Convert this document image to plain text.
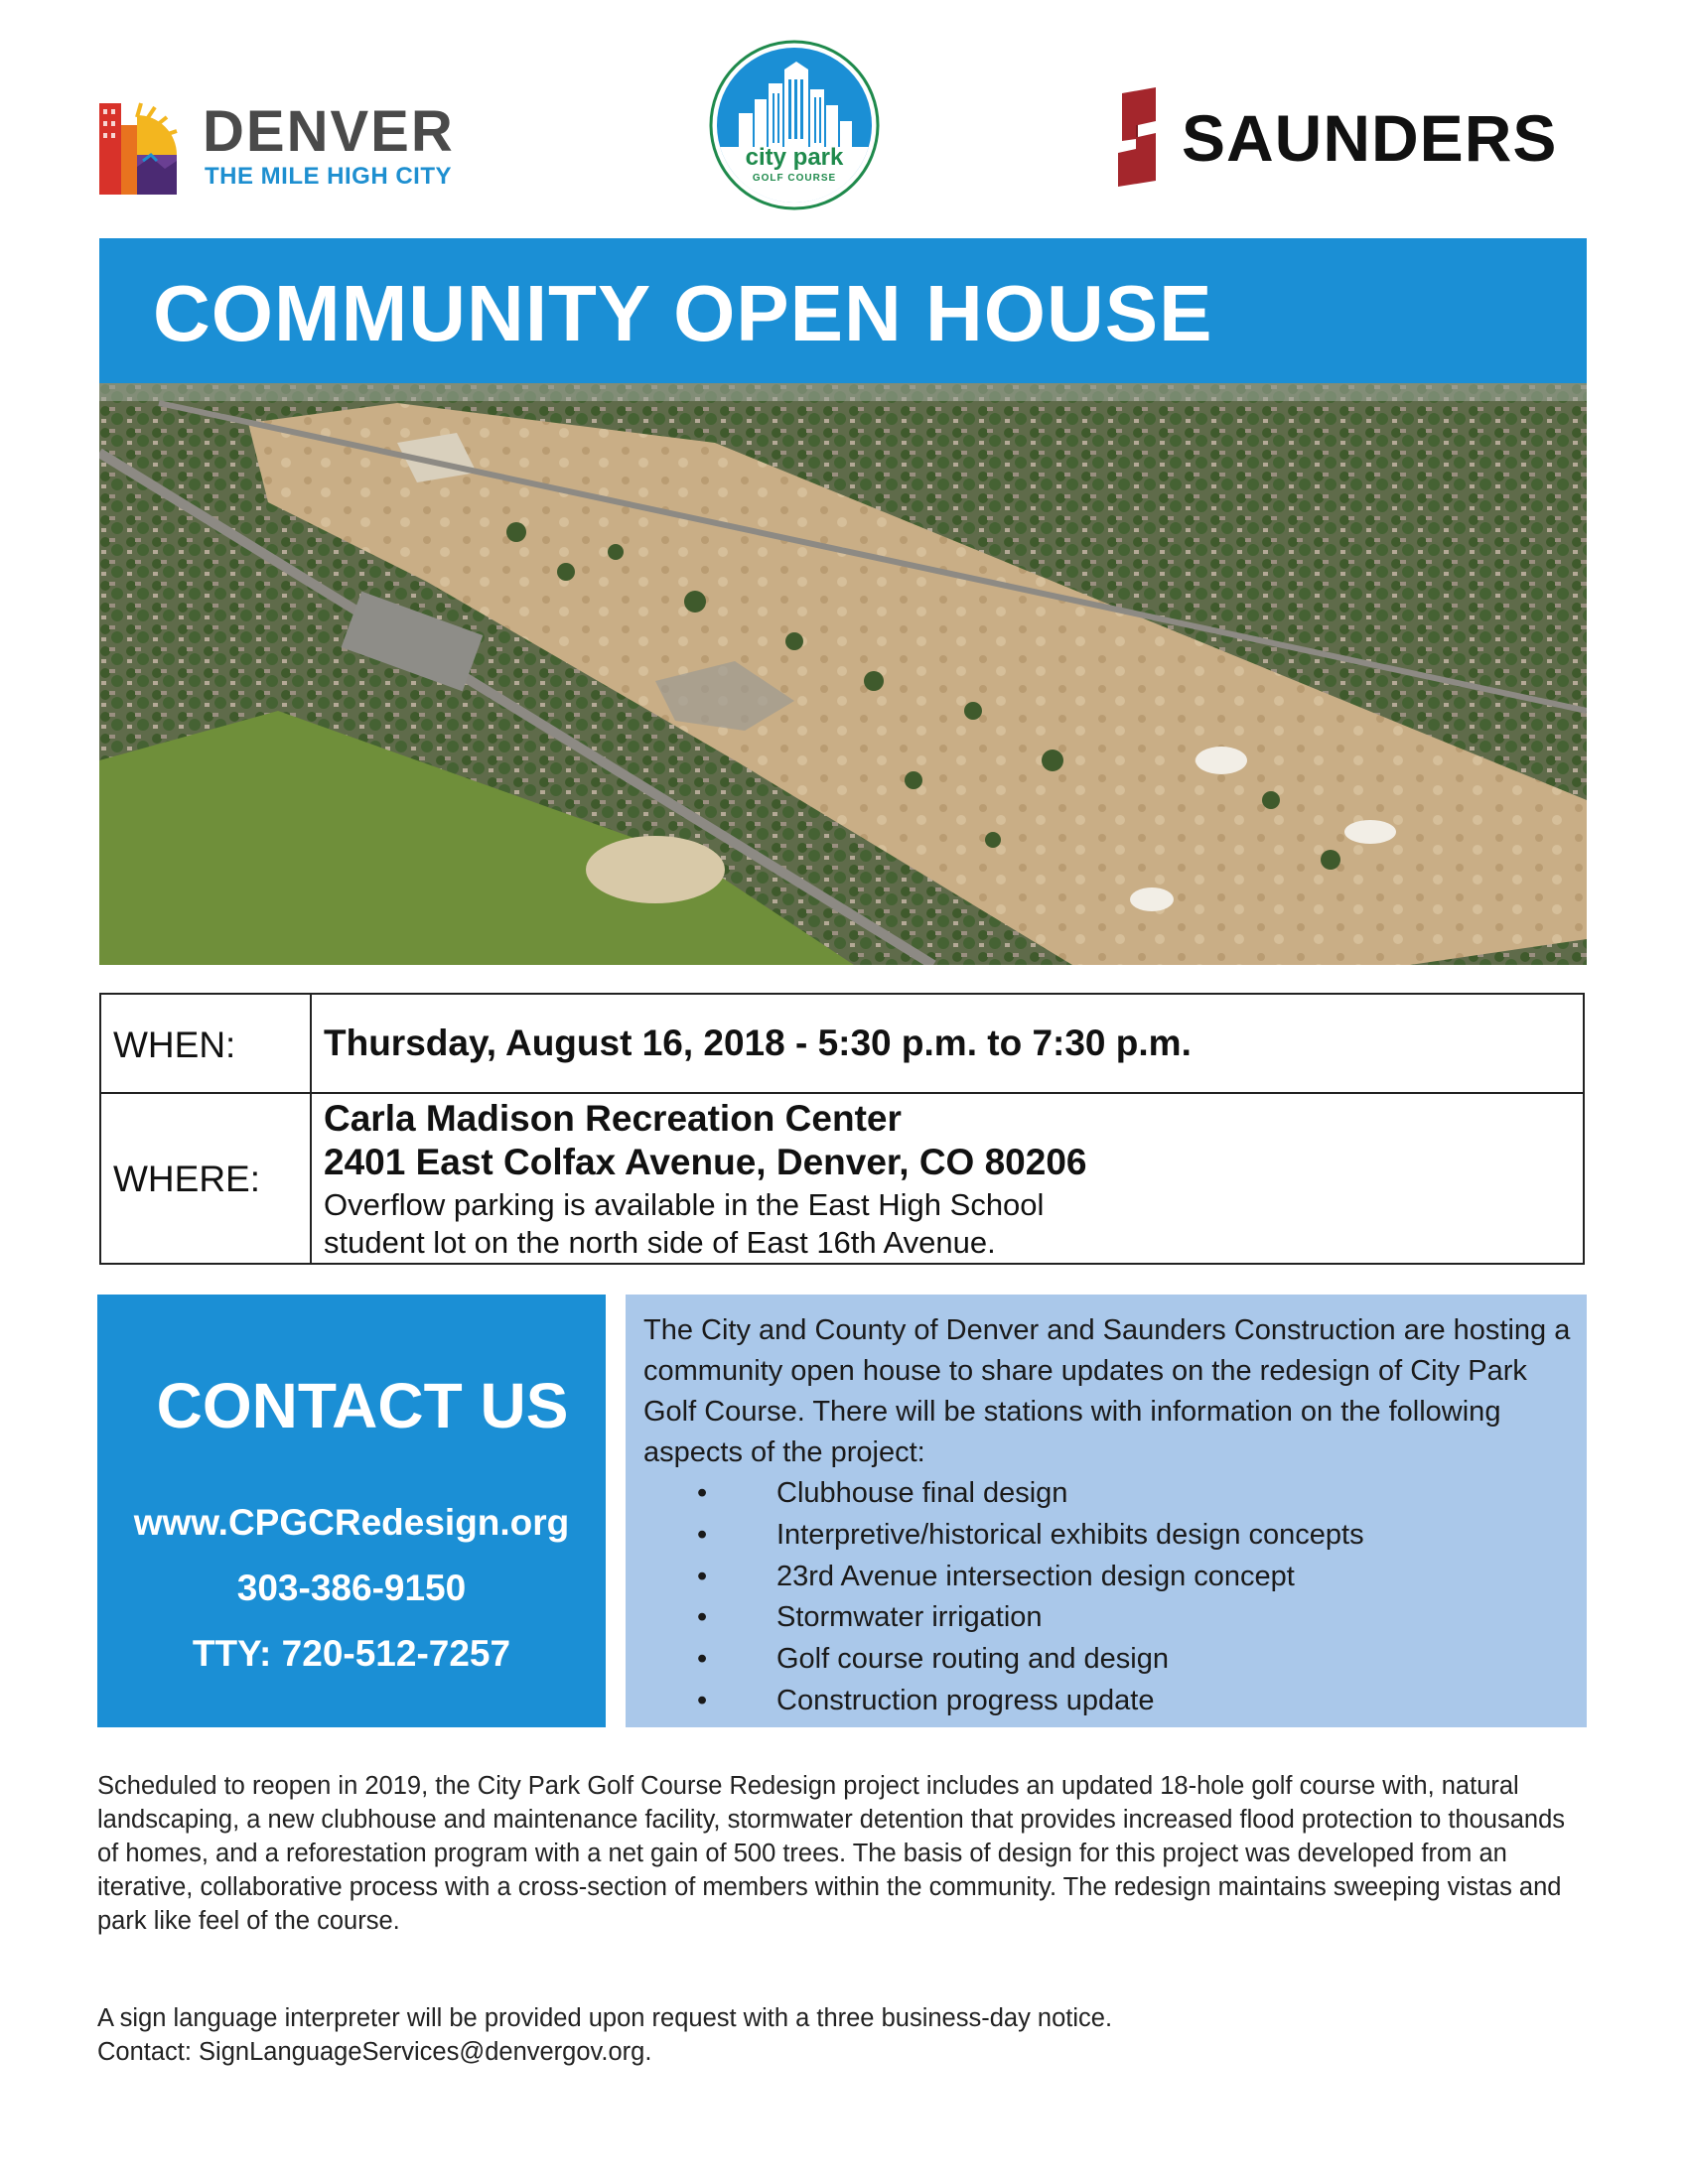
DENVER
THE MILE HIGH CITY
city park
GOLF COURSE
SAUNDERS
COMMUNITY OPEN HOUSE
WHEN: Thursday, August 16, 2018 - 5:30 p.m. to 7:30 p.m.
WHERE:
Carla Madison Recreation Center
2401 East Colfax Avenue, Denver, CO 80206
Overflow parking is available in the East High School
student lot on the north side of East 16th Avenue.
CONTACT US
www.CPGCRedesign.org
303-386-9150
TTY: 720-512-7257
The City and County of Denver and Saunders Construction are hosting a community open house to share updates on the redesign of City Park Golf Course. There will be stations with information on the following aspects of the project:
• Clubhouse final design
• Interpretive/historical exhibits design concepts
• 23rd Avenue intersection design concept
• Stormwater irrigation
• Golf course routing and design
• Construction progress update
Scheduled to reopen in 2019, the City Park Golf Course Redesign project includes an updated 18-hole golf course with, natural landscaping, a new clubhouse and maintenance facility, stormwater detention that provides increased flood protection to thousands of homes, and a reforestation program with a net gain of 500 trees. The basis of design for this project was developed from an iterative, collaborative process with a cross-section of members within the community. The redesign maintains sweeping vistas and park like feel of the course.
A sign language interpreter will be provided upon request with a three business-day notice.
Contact: SignLanguageServices@denvergov.org.
